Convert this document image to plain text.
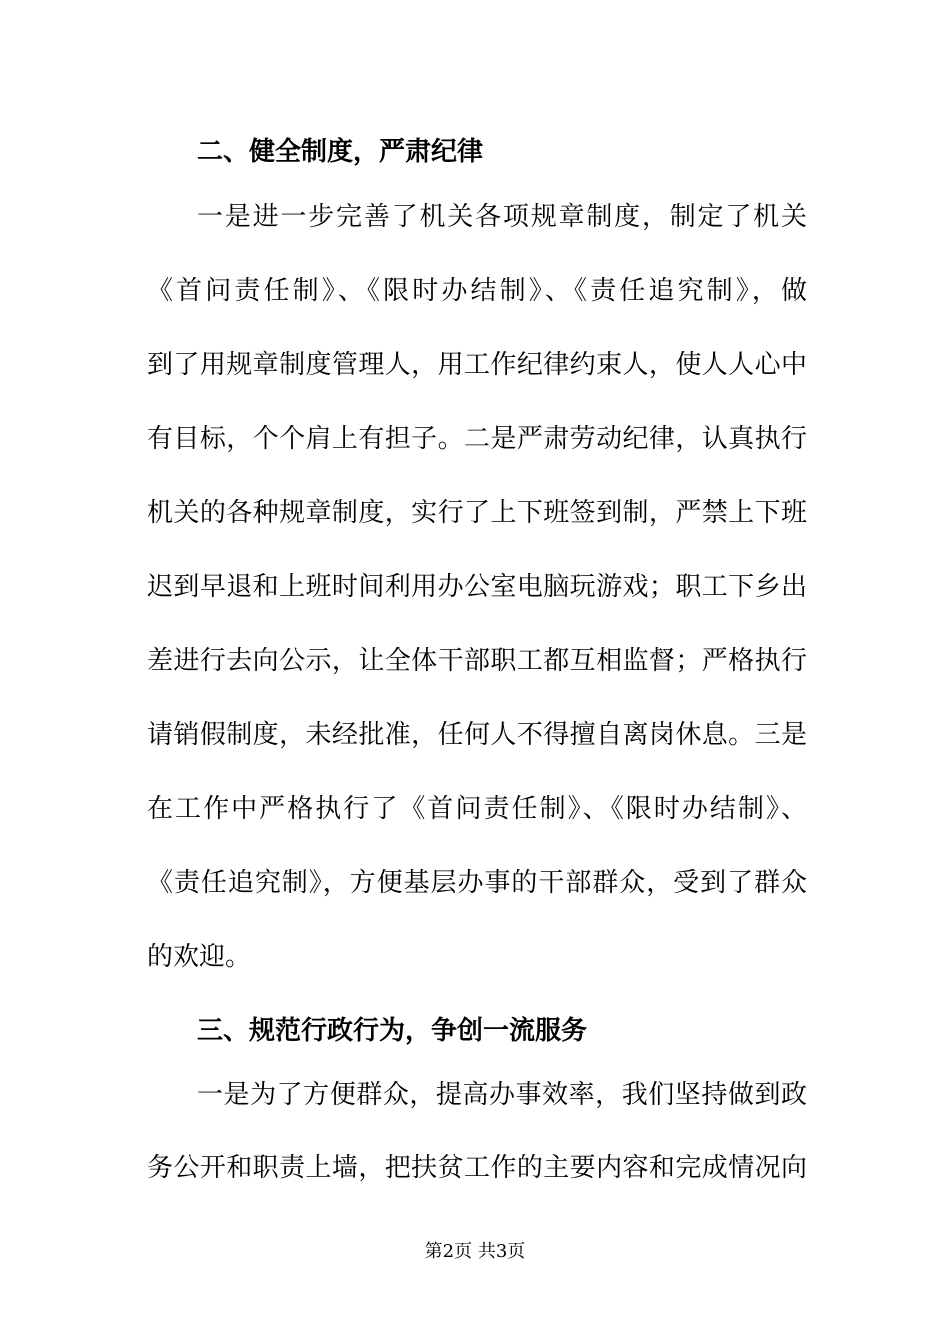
二、健全制度，严肃纪律
一是进一步完善了机关各项规章制度，制定了机关
《首问责任制》、《限时办结制》、《责任追究制》，做
到了用规章制度管理人，用工作纪律约束人，使人人心中
有目标，个个肩上有担子。二是严肃劳动纪律，认真执行
机关的各种规章制度，实行了上下班签到制，严禁上下班
迟到早退和上班时间利用办公室电脑玩游戏；职工下乡出
差进行去向公示，让全体干部职工都互相监督；严格执行
请销假制度，未经批准，任何人不得擅自离岗休息。三是
在工作中严格执行了《首问责任制》、《限时办结制》、
《责任追究制》，方便基层办事的干部群众，受到了群众
的欢迎。
三、规范行政行为，争创一流服务
一是为了方便群众，提高办事效率，我们坚持做到政
务公开和职责上墙，把扶贫工作的主要内容和完成情况向
第2页 共3页
